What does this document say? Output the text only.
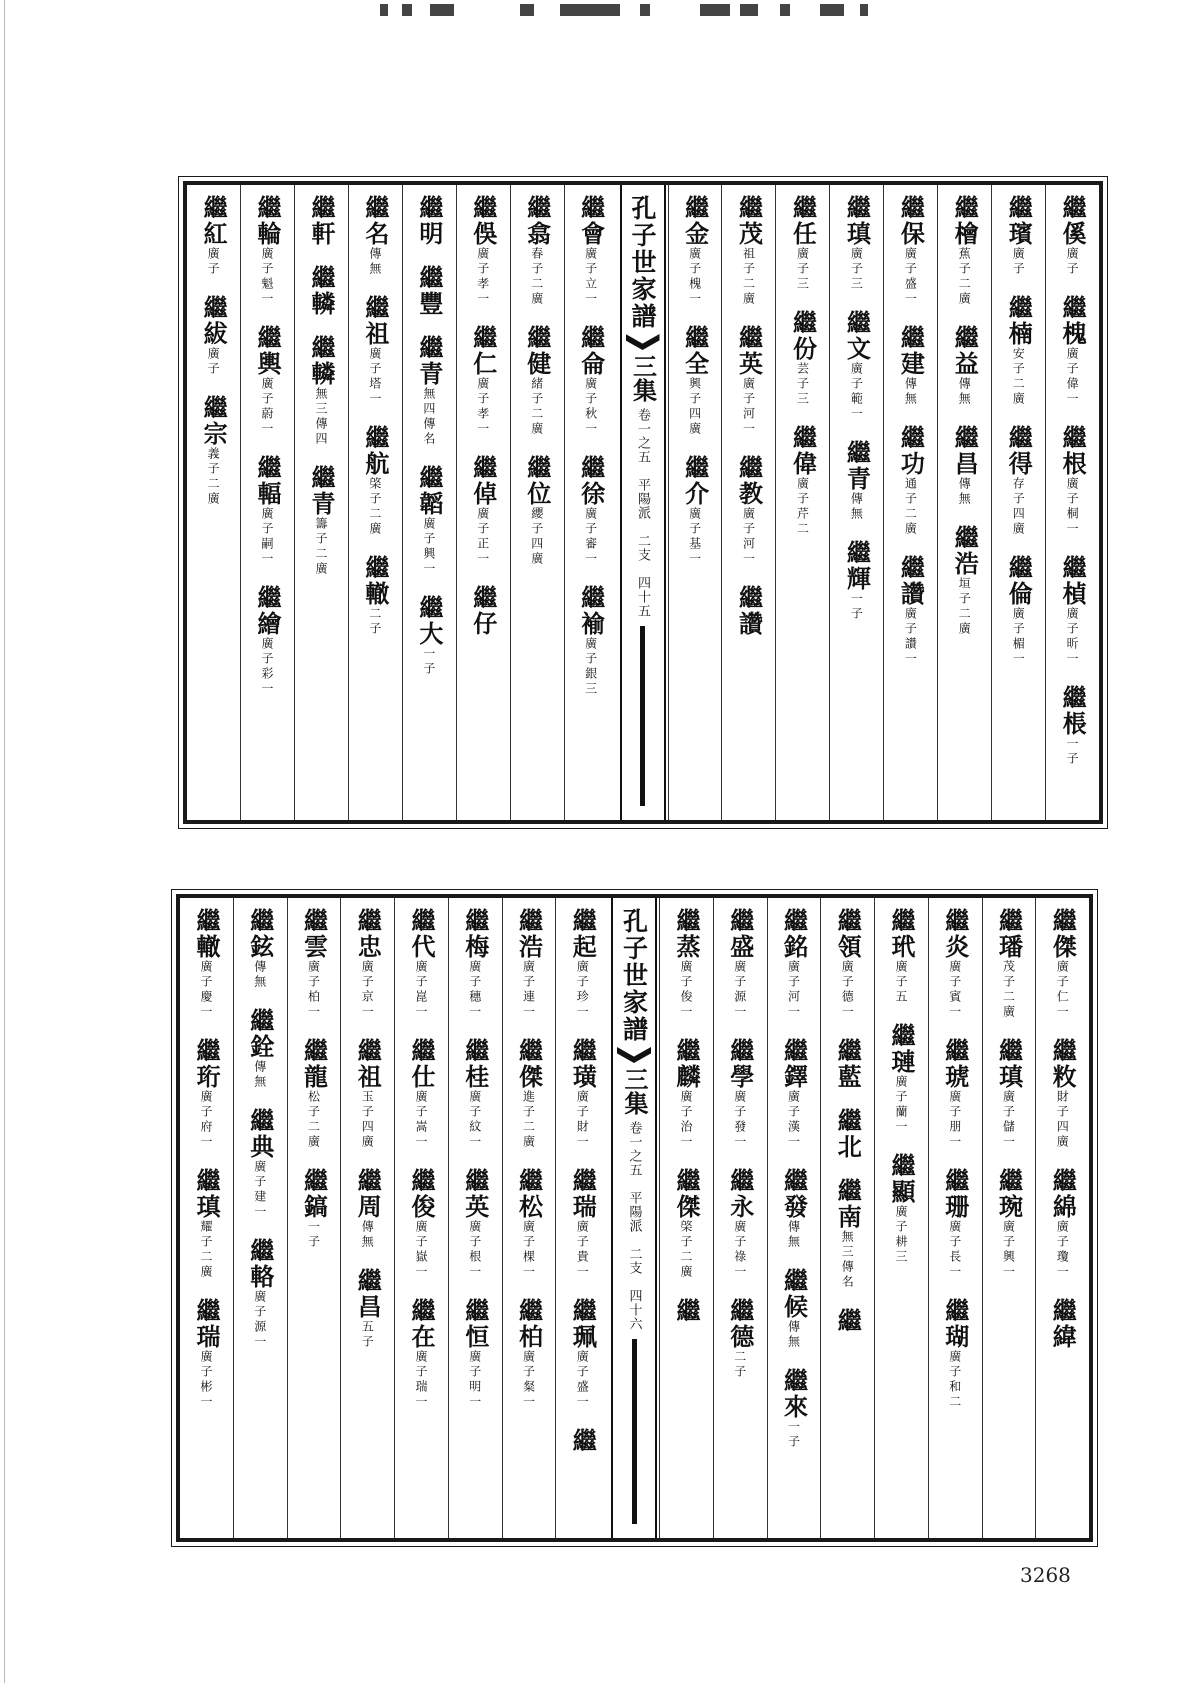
繼傒廣子
繼槐廣子偉一
繼根廣子桐一
繼楨廣子昕一
繼棖一子
繼璸廣子
繼楠安子二廣
繼得存子四廣
繼倫廣子楣一
繼檜蕉子二廣
繼益傳無
繼昌傳無
繼浩垣子二廣
繼保廣子盛一
繼建傳無
繼功通子二廣
繼讚廣子讚一
繼瑱廣子三
繼文廣子範一
繼青傳無
繼輝一子
繼任廣子三
繼份芸子三
繼偉廣子芹二
繼茂祖子二廣
繼英廣子河一
繼教廣子河一
繼讚
繼金廣子槐一
繼全興子四廣
繼介廣子基一
孔子世家譜
三集
卷一之五　平陽派　二支　四十五
繼會廣子立一
繼侖廣子秋一
繼徐廣子審一
繼褕廣子銀三
繼翕春子二廣
繼健緒子二廣
繼位纓子四廣
繼俁廣子孝一
繼仁廣子孝一
繼倬廣子正一
繼仔
繼明
繼豐
繼青無四傳名
繼韜廣子興一
繼大一子
繼名傳無
繼祖廣子塔一
繼航棨子二廣
繼轍二子
繼軒
繼轔
繼轔無三傳四
繼青籌子二廣
繼輪廣子魁一
繼輿廣子蔚一
繼輻廣子嗣一
繼繪廣子彩一
繼紅廣子
繼紱廣子
繼宗義子二廣
繼傑廣子仁一
繼敉財子四廣
繼綿廣子瓊一
繼緯
繼璠茂子二廣
繼瑱廣子儲一
繼琬廣子興一
繼炎廣子賓一
繼琥廣子朋一
繼珊廣子長一
繼瑚廣子和二
繼玳廣子五
繼璉廣子蘭一
繼顯廣子耕三
繼領廣子德一
繼藍
繼北
繼南無三傳名
繼
繼銘廣子河一
繼鐸廣子漢一
繼發傳無
繼候傳無
繼來一子
繼盛廣子源一
繼學廣子發一
繼永廣子祿一
繼德二子
繼蒸廣子俊一
繼麟廣子治一
繼傑棨子二廣
繼
孔子世家譜
三集
卷一之五　平陽派　二支　四十六
繼起廣子珍一
繼璜廣子財一
繼瑞廣子貴一
繼珮廣子盛一
繼
繼浩廣子連一
繼傑進子二廣
繼松廣子棵一
繼柏廣子粲一
繼梅廣子穗一
繼桂廣子紋一
繼英廣子根一
繼恒廣子明一
繼代廣子崑一
繼仕廣子嵩一
繼俊廣子嶽一
繼在廣子瑞一
繼忠廣子京一
繼祖玉子四廣
繼周傳無
繼昌五子
繼雲廣子柏一
繼龍松子二廣
繼鎬一子
繼鉉傳無
繼銓傳無
繼典廣子建一
繼輅廣子源一
繼轍廣子慶一
繼珩廣子府一
繼瑱耀子二廣
繼瑞廣子彬一
3268
